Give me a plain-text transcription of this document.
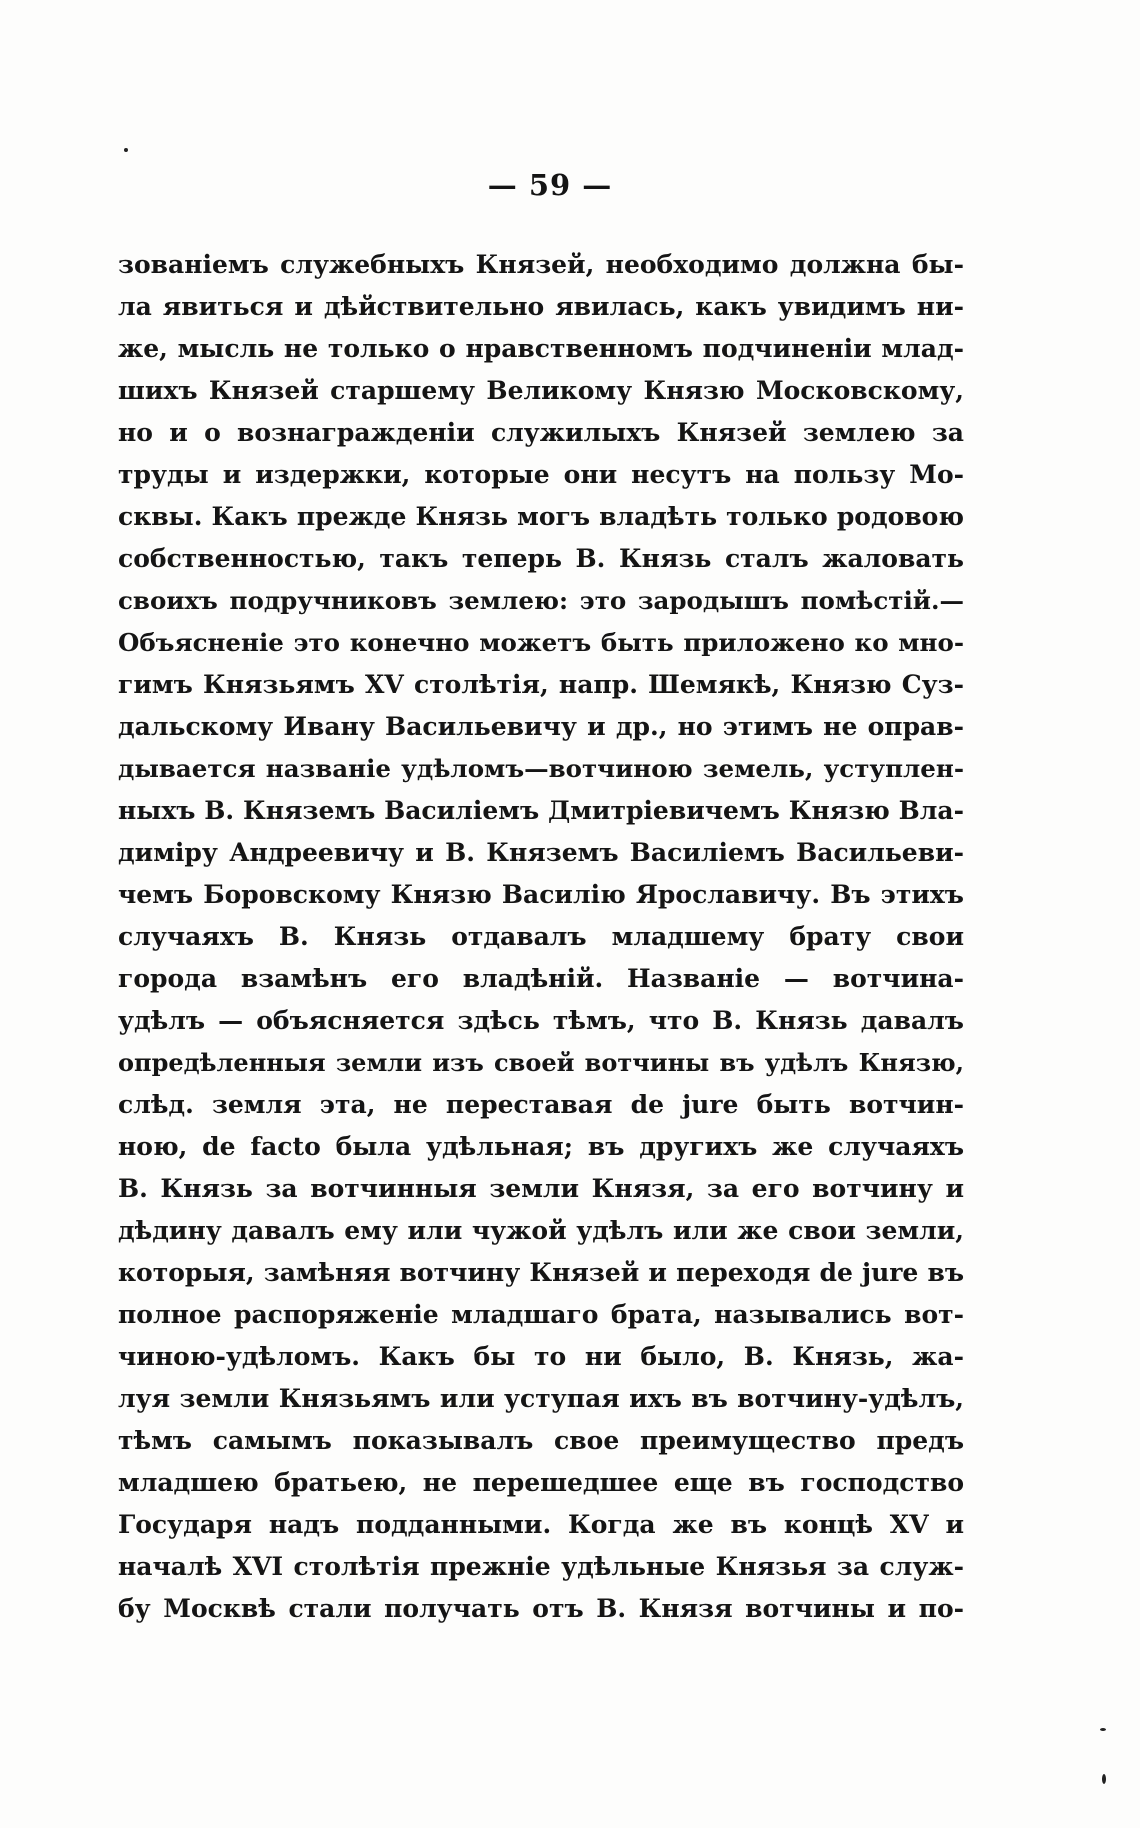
— 59 —
зованіемъ служебныхъ Князей, необходимо должна бы-
ла явиться и дѣйствительно явилась, какъ увидимъ ни-
же, мысль не только о нравственномъ подчиненіи млад-
шихъ Князей старшему Великому Князю Московскому,
но и о вознагражденіи служилыхъ Князей землею за
труды и издержки, которые они несутъ на пользу Мо-
сквы. Какъ прежде Князь могъ владѣть только родовою
собственностью, такъ теперь В. Князь сталъ жаловать
своихъ подручниковъ землею: это зародышъ помѣстій.—
Объясненіе это конечно можетъ быть приложено ко мно-
гимъ Князьямъ XV столѣтія, напр. Шемякѣ, Князю Суз-
дальскому Ивану Васильевичу и др., но этимъ не оправ-
дывается названіе удѣломъ—вотчиною земель, уступлен-
ныхъ В. Княземъ Василіемъ Дмитріевичемъ Князю Вла-
диміру Андреевичу и В. Княземъ Василіемъ Васильеви-
чемъ Боровскому Князю Василію Ярославичу. Въ этихъ
случаяхъ В. Князь отдавалъ младшему брату свои
города взамѣнъ его владѣній. Названіе — вотчина-
удѣлъ — объясняется здѣсь тѣмъ, что В. Князь давалъ
опредѣленныя земли изъ своей вотчины въ удѣлъ Князю,
слѣд. земля эта, не переставая de jure быть вотчин-
ною, de facto была удѣльная; въ другихъ же случаяхъ
В. Князь за вотчинныя земли Князя, за его вотчину и
дѣдину давалъ ему или чужой удѣлъ или же свои земли,
которыя, замѣняя вотчину Князей и переходя de jure въ
полное распоряженіе младшаго брата, назывались вот-
чиною-удѣломъ. Какъ бы то ни было, В. Князь, жа-
луя земли Князьямъ или уступая ихъ въ вотчину-удѣлъ,
тѣмъ самымъ показывалъ свое преимущество предъ
младшею братьею, не перешедшее еще въ господство
Государя надъ подданными. Когда же въ концѣ XV и
началѣ XVI столѣтія прежніе удѣльные Князья за служ-
бу Москвѣ стали получать отъ В. Князя вотчины и по-
